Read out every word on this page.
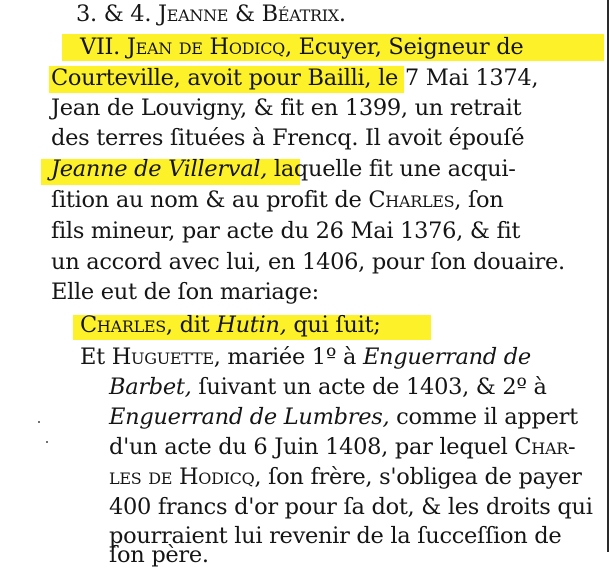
3. & 4. Jeanne & Béatrix.
VII. Jean de Hodicq, Ecuyer, Seigneur de
Courteville, avoit pour Bailli, le 7 Mai 1374,
Jean de Louvigny, & fit en 1399, un retrait
des terres ſituées à Frencq. Il avoit épouſé
Jeanne de Villerval, laquelle fit une acqui-
ſition au nom & au profit de Charles, ſon
fils mineur, par acte du 26 Mai 1376, & fit
un accord avec lui, en 1406, pour ſon douaire.
Elle eut de ſon mariage:
Charles, dit Hutin, qui ſuit;
Et Huguette, mariée 1º à Enguerrand de
Barbet, ſuivant un acte de 1403, & 2º à
Enguerrand de Lumbres, comme il appert
d'un acte du 6 Juin 1408, par lequel Char-
les de Hodicq, ſon frère, s'obligea de payer
400 francs d'or pour ſa dot, & les droits qui
pourraient lui revenir de la ſucceſſion de
ſon père.
